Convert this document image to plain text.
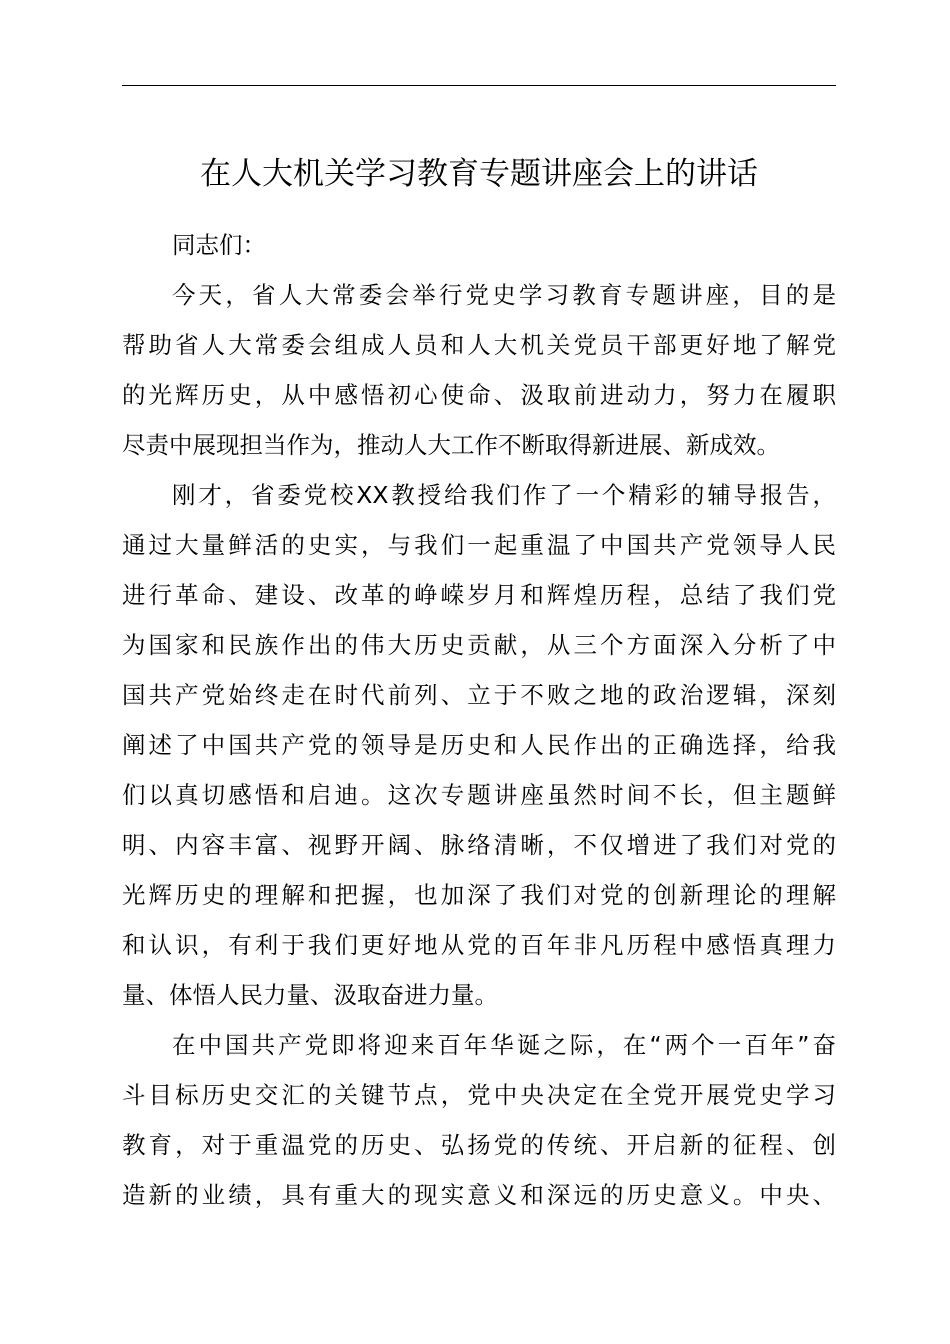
在人大机关学习教育专题讲座会上的讲话
同志们：
今天，省人大常委会举行党史学习教育专题讲座，目的是
帮助省人大常委会组成人员和人大机关党员干部更好地了解党
的光辉历史，从中感悟初心使命、汲取前进动力，努力在履职
尽责中展现担当作为，推动人大工作不断取得新进展、新成效。
刚才，省委党校XX教授给我们作了一个精彩的辅导报告，
通过大量鲜活的史实，与我们一起重温了中国共产党领导人民
进行革命、建设、改革的峥嵘岁月和辉煌历程，总结了我们党
为国家和民族作出的伟大历史贡献，从三个方面深入分析了中
国共产党始终走在时代前列、立于不败之地的政治逻辑，深刻
阐述了中国共产党的领导是历史和人民作出的正确选择，给我
们以真切感悟和启迪。这次专题讲座虽然时间不长，但主题鲜
明、内容丰富、视野开阔、脉络清晰，不仅增进了我们对党的
光辉历史的理解和把握，也加深了我们对党的创新理论的理解
和认识，有利于我们更好地从党的百年非凡历程中感悟真理力
量、体悟人民力量、汲取奋进力量。
在中国共产党即将迎来百年华诞之际，在“两个一百年”奋
斗目标历史交汇的关键节点，党中央决定在全党开展党史学习
教育，对于重温党的历史、弘扬党的传统、开启新的征程、创
造新的业绩，具有重大的现实意义和深远的历史意义。中央、
